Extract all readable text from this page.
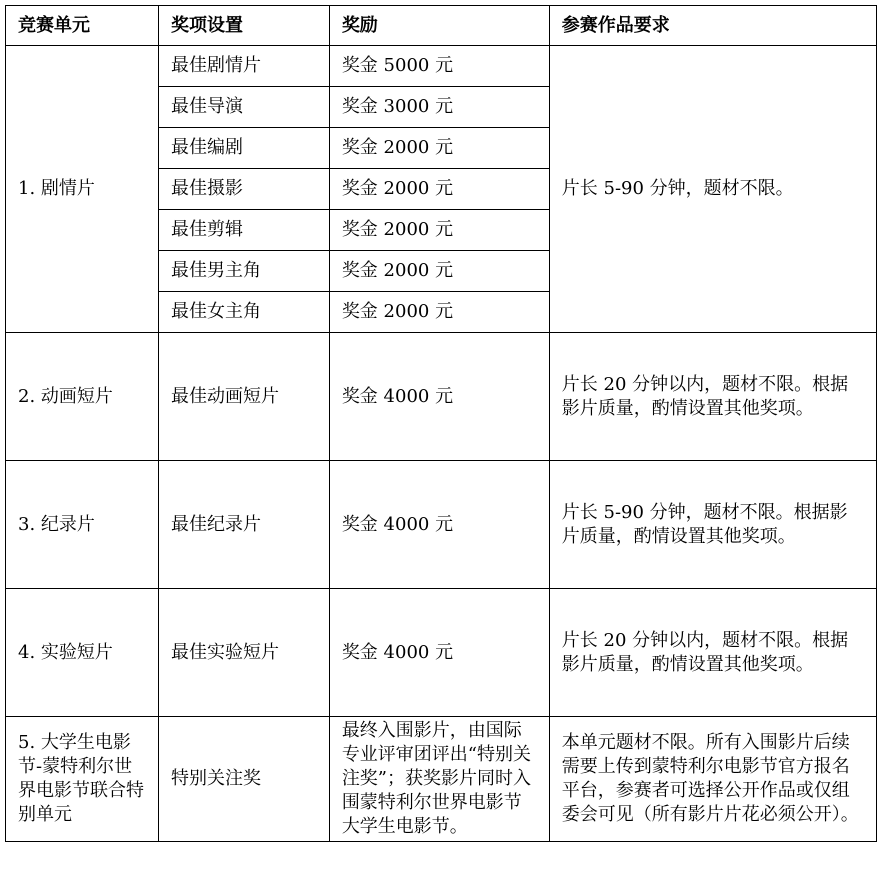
竞赛单元	奖项设置	奖励	参赛作品要求
1. 剧情片	最佳剧情片	奖金 5000 元	片长 5-90 分钟，题材不限。
	最佳导演	奖金 3000 元	
	最佳编剧	奖金 2000 元	
	最佳摄影	奖金 2000 元	
	最佳剪辑	奖金 2000 元	
	最佳男主角	奖金 2000 元	
	最佳女主角	奖金 2000 元	
2. 动画短片	最佳动画短片	奖金 4000 元	片长 20 分钟以内，题材不限。根据影片质量，酌情设置其他奖项。
3. 纪录片	最佳纪录片	奖金 4000 元	片长 5-90 分钟，题材不限。根据影片质量，酌情设置其他奖项。
4. 实验短片	最佳实验短片	奖金 4000 元	片长 20 分钟以内，题材不限。根据影片质量，酌情设置其他奖项。
5. 大学生电影节-蒙特利尔世界电影节联合特别单元	特别关注奖	最终入围影片，由国际专业评审团评出“特别关注奖”；获奖影片同时入围蒙特利尔世界电影节大学生电影节。	本单元题材不限。所有入围影片后续需要上传到蒙特利尔电影节官方报名平台，参赛者可选择公开作品或仅组委会可见（所有影片片花必须公开）。
